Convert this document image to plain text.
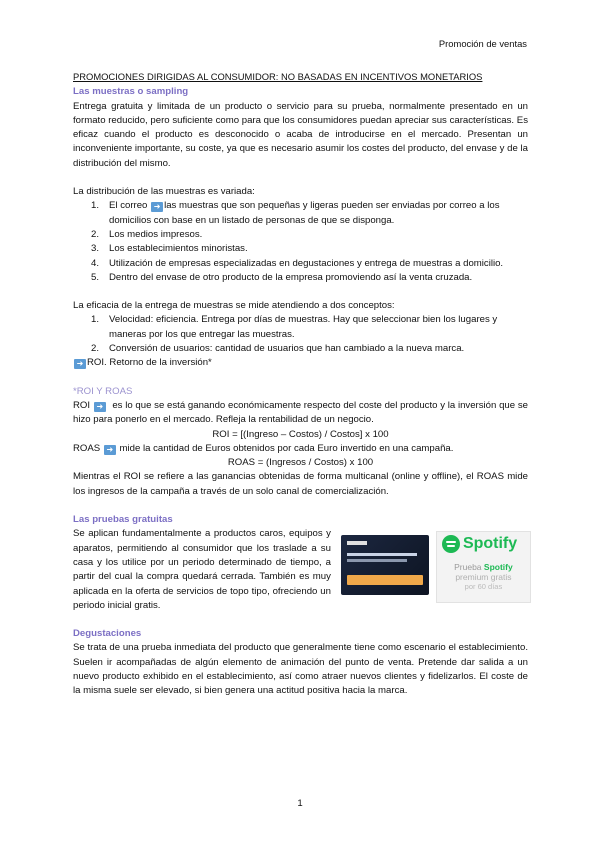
Promoción de ventas
PROMOCIONES DIRIGIDAS AL CONSUMIDOR: NO BASADAS EN INCENTIVOS MONETARIOS
Las muestras o sampling

Entrega gratuita y limitada de un producto o servicio para su prueba, normalmente presentado en un formato reducido, pero suficiente como para que los consumidores puedan apreciar sus características. Es eficaz cuando el producto es desconocido o acaba de introducirse en el mercado. Presentan un inconveniente importante, su coste, ya que es necesario asumir los costes del producto, del envase y de la distribución del mismo.

La distribución de las muestras es variada:

1. El correo ➜ las muestras que son pequeñas y ligeras pueden ser enviadas por correo a los domicilios con base en un listado de personas de que se disponga.
2. Los medios impresos.
3. Los establecimientos minoristas.
4. Utilización de empresas especializadas en degustaciones y entrega de muestras a domicilio.
5. Dentro del envase de otro producto de la empresa promoviendo así la venta cruzada.

La eficacia de la entrega de muestras se mide atendiendo a dos conceptos:

1. Velocidad: eficiencia. Entrega por días de muestras. Hay que seleccionar bien los lugares y maneras por los que entregar las muestras.
2. Conversión de usuarios: cantidad de usuarios que han cambiado a la nueva marca.

➜ ROI. Retorno de la inversión*

*ROI Y ROAS

ROI ➜ es lo que se está ganando económicamente respecto del coste del producto y la inversión que se hizo para ponerlo en el mercado. Refleja la rentabilidad de un negocio.

ROI = [(Ingreso – Costos) / Costos] x 100

ROAS ➜ mide la cantidad de Euros obtenidos por cada Euro invertido en una campaña.

ROAS = (Ingresos / Costos) x 100

Mientras el ROI se refiere a las ganancias obtenidas de forma multicanal (online y offline), el ROAS mide los ingresos de la campaña a través de un solo canal de comercialización.

Las pruebas gratuitas

Se aplican fundamentalmente a productos caros, equipos y aparatos, permitiendo al consumidor que los traslade a su casa y los utilice por un periodo determinado de tiempo, a partir del cual la compra quedará cerrada. También es muy aplicada en la oferta de servicios de topo tipo, ofreciendo un periodo inicial gratis.

Spotify
Prueba Spotify
premium gratis
por 60 días
Degustaciones

Se trata de una prueba inmediata del producto que generalmente tiene como escenario el establecimiento. Suelen ir acompañadas de algún elemento de animación del punto de venta. Pretende dar salida a un nuevo producto exhibido en el establecimiento, así como atraer nuevos clientes y fidelizarlos. El coste de la misma suele ser elevado, si bien genera una actitud positiva hacia la marca.

1
